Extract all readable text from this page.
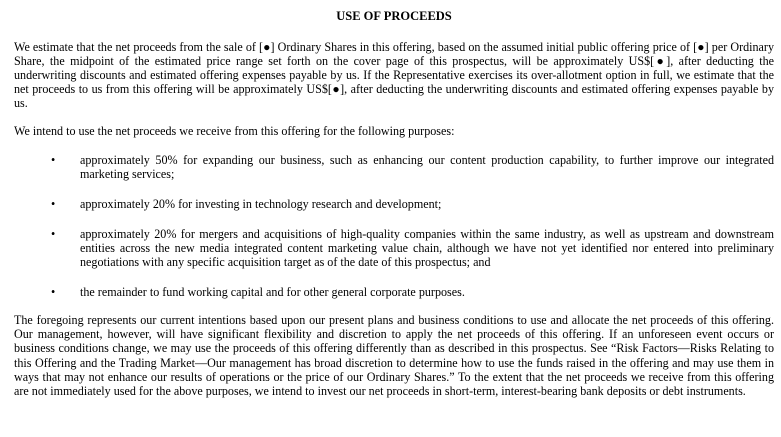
USE OF PROCEEDS

We estimate that the net proceeds from the sale of [●] Ordinary Shares in this offering, based on the assumed initial public offering price of [●] per Ordinary Share, the midpoint of the estimated price range set forth on the cover page of this prospectus, will be approximately US$[●], after deducting the underwriting discounts and estimated offering expenses payable by us. If the Representative exercises its over-allotment option in full, we estimate that the net proceeds to us from this offering will be approximately US$[●], after deducting the underwriting discounts and estimated offering expenses payable by us.

We intend to use the net proceeds we receive from this offering for the following purposes:

• approximately 50% for expanding our business, such as enhancing our content production capability, to further improve our integrated marketing services;
• approximately 20% for investing in technology research and development;
• approximately 20% for mergers and acquisitions of high-quality companies within the same industry, as well as upstream and downstream entities across the new media integrated content marketing value chain, although we have not yet identified nor entered into preliminary negotiations with any specific acquisition target as of the date of this prospectus; and
• the remainder to fund working capital and for other general corporate purposes.

The foregoing represents our current intentions based upon our present plans and business conditions to use and allocate the net proceeds of this offering. Our management, however, will have significant flexibility and discretion to apply the net proceeds of this offering. If an unforeseen event occurs or business conditions change, we may use the proceeds of this offering differently than as described in this prospectus. See “Risk Factors—Risks Relating to this Offering and the Trading Market—Our management has broad discretion to determine how to use the funds raised in the offering and may use them in ways that may not enhance our results of operations or the price of our Ordinary Shares.” To the extent that the net proceeds we receive from this offering are not immediately used for the above purposes, we intend to invest our net proceeds in short-term, interest-bearing bank deposits or debt instruments.
